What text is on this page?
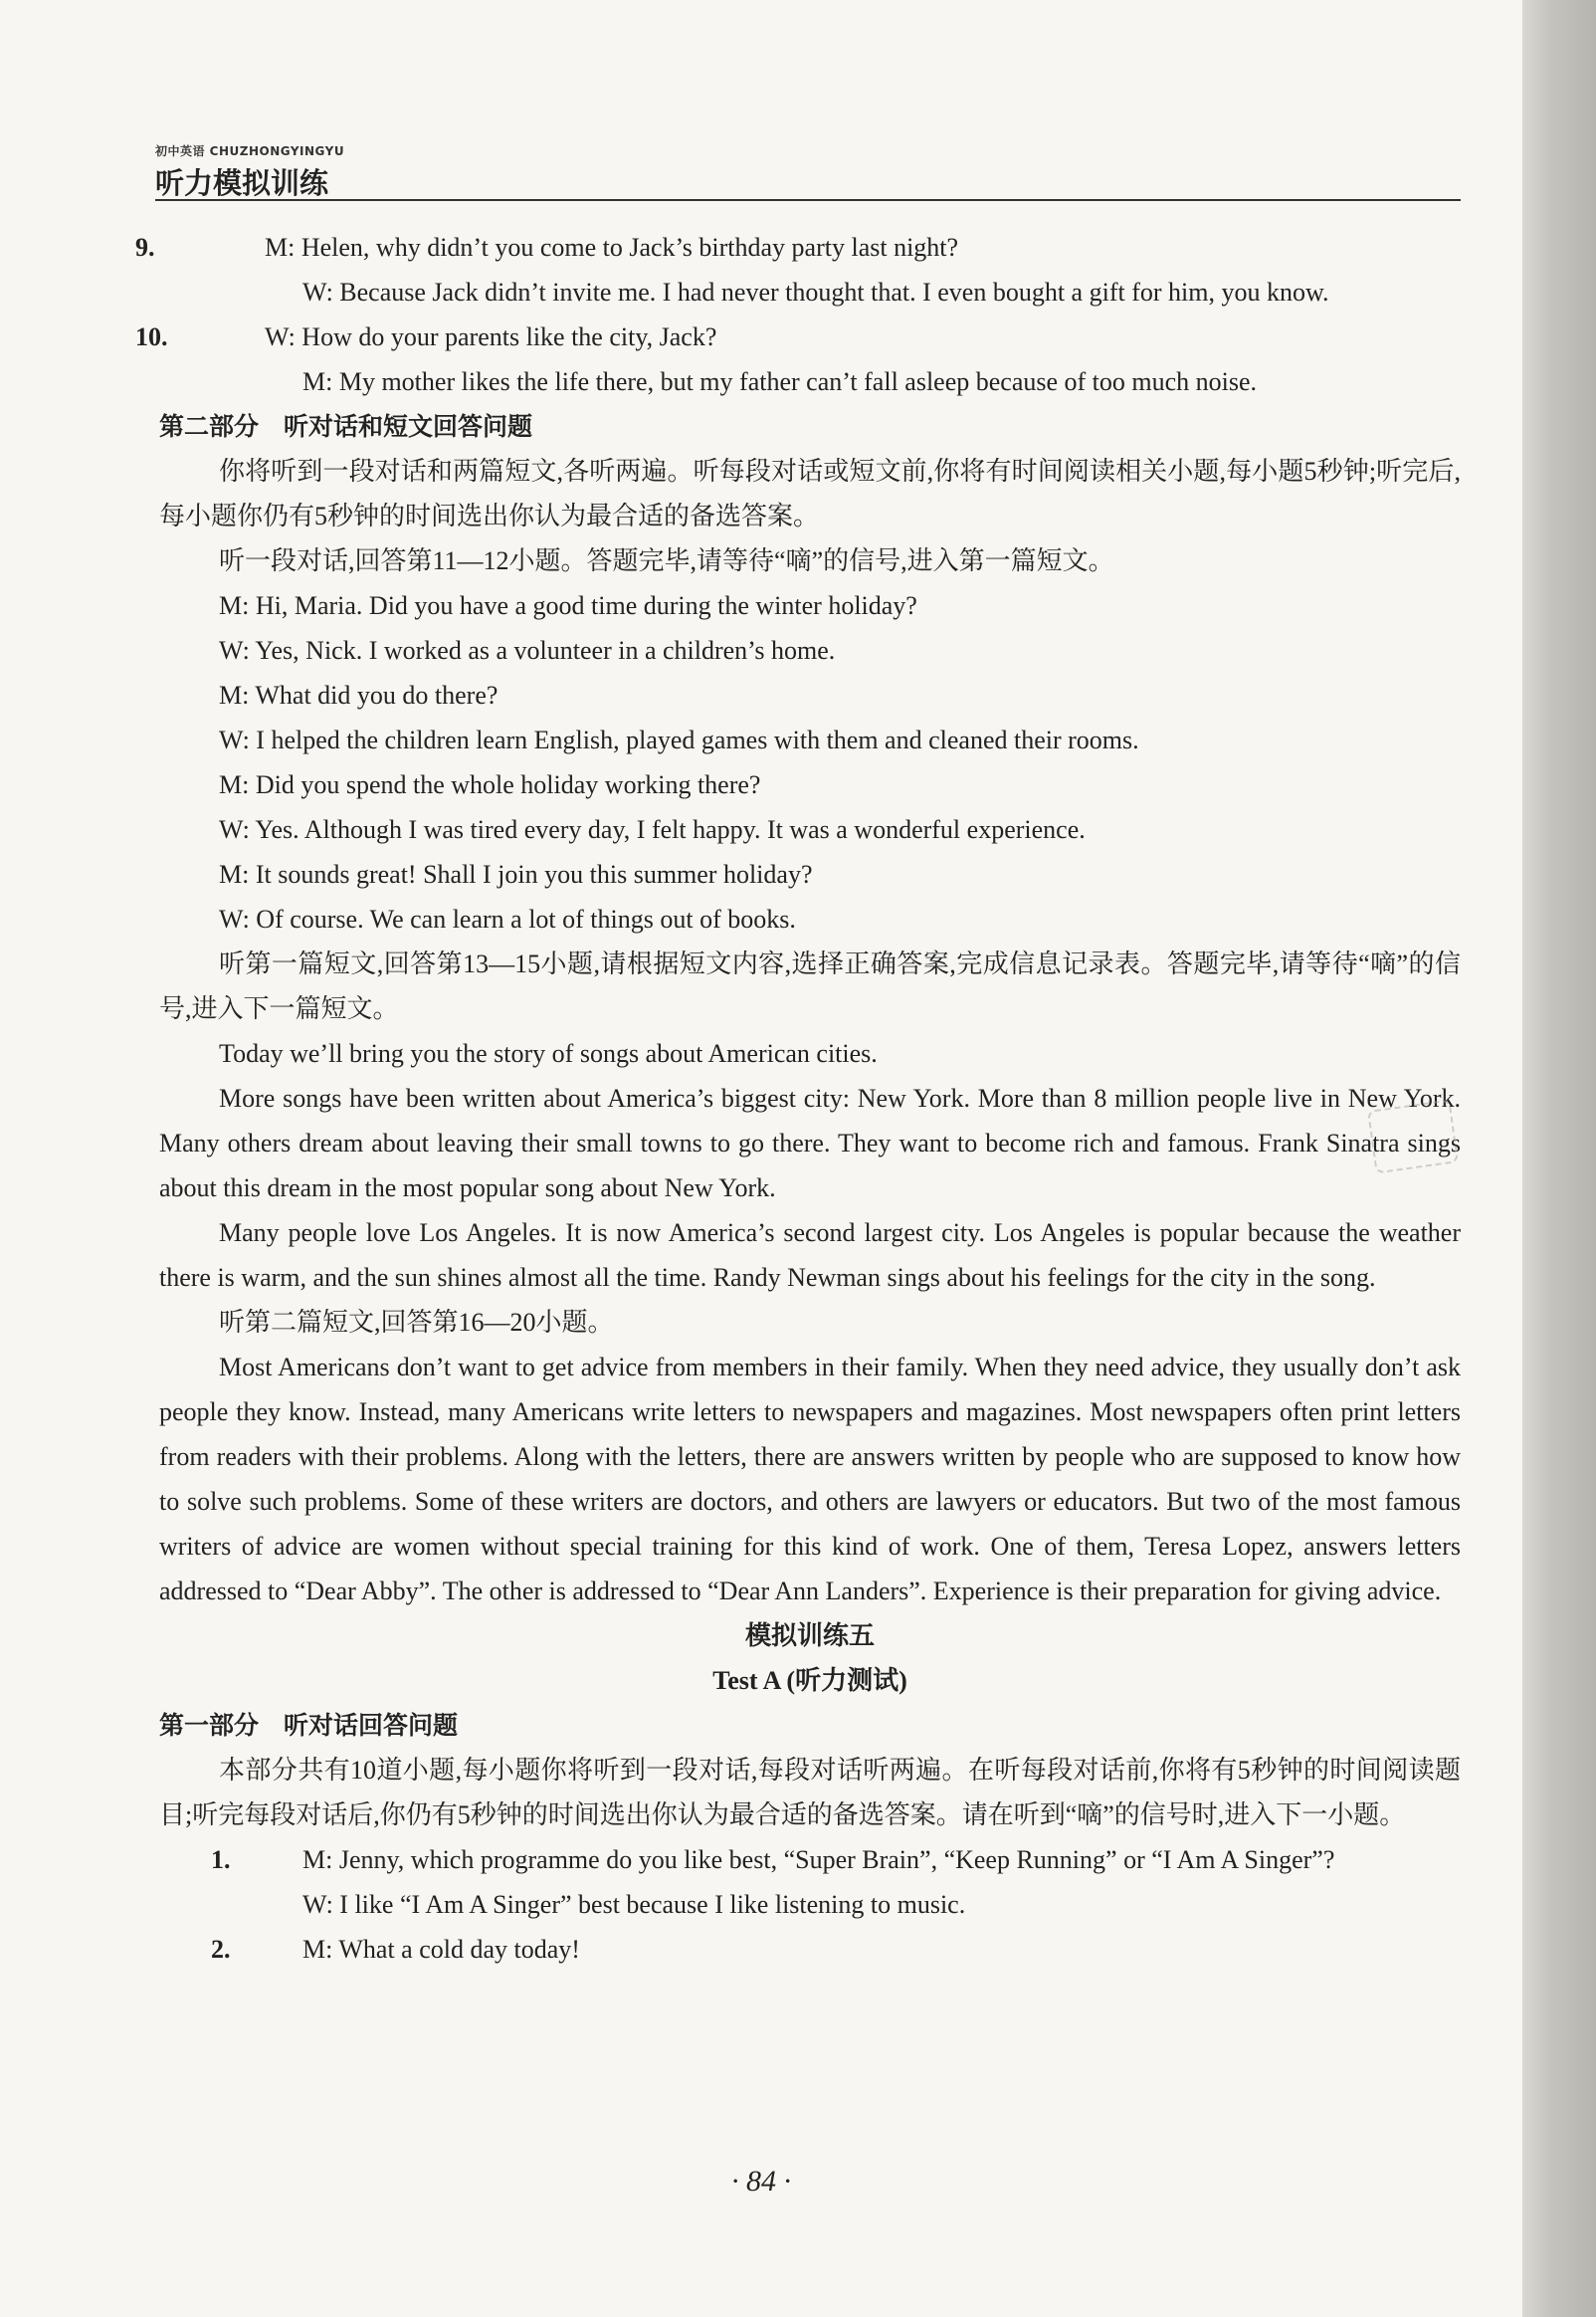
初中英语 CHUZHONGYINGYU
听力模拟训练

9.	M: Helen, why didn’t you come to Jack’s birthday party last night?

W: Because Jack didn’t invite me. I had never thought that. I even bought a gift for him, you know.

10.	W: How do your parents like the city, Jack?

M: My mother likes the life there, but my father can’t fall asleep because of too much noise.

第二部分　听对话和短文回答问题

你将听到一段对话和两篇短文,各听两遍。听每段对话或短文前,你将有时间阅读相关小题,每小题5秒钟;听完后,每小题你仍有5秒钟的时间选出你认为最合适的备选答案。

听一段对话,回答第11—12小题。答题完毕,请等待“嘀”的信号,进入第一篇短文。

M: Hi, Maria. Did you have a good time during the winter holiday?

W: Yes, Nick. I worked as a volunteer in a children’s home.

M: What did you do there?

W: I helped the children learn English, played games with them and cleaned their rooms.

M: Did you spend the whole holiday working there?

W: Yes. Although I was tired every day, I felt happy. It was a wonderful experience.

M: It sounds great! Shall I join you this summer holiday?

W: Of course. We can learn a lot of things out of books.

听第一篇短文,回答第13—15小题,请根据短文内容,选择正确答案,完成信息记录表。答题完毕,请等待“嘀”的信号,进入下一篇短文。

Today we’ll bring you the story of songs about American cities.

More songs have been written about America’s biggest city: New York. More than 8 million people live in New York. Many others dream about leaving their small towns to go there. They want to become rich and famous. Frank Sinatra sings about this dream in the most popular song about New York.

Many people love Los Angeles. It is now America’s second largest city. Los Angeles is popular because the weather there is warm, and the sun shines almost all the time. Randy Newman sings about his feelings for the city in the song.

听第二篇短文,回答第16—20小题。

Most Americans don’t want to get advice from members in their family. When they need advice, they usually don’t ask people they know. Instead, many Americans write letters to newspapers and magazines. Most newspapers often print letters from readers with their problems. Along with the letters, there are answers written by people who are supposed to know how to solve such problems. Some of these writers are doctors, and others are lawyers or educators. But two of the most famous writers of advice are women without special training for this kind of work. One of them, Teresa Lopez, answers letters addressed to “Dear Abby”. The other is addressed to “Dear Ann Landers”. Experience is their preparation for giving advice.

模拟训练五

Test A (听力测试)

第一部分　听对话回答问题

本部分共有10道小题,每小题你将听到一段对话,每段对话听两遍。在听每段对话前,你将有5秒钟的时间阅读题目;听完每段对话后,你仍有5秒钟的时间选出你认为最合适的备选答案。请在听到“嘀”的信号时,进入下一小题。

1.	M: Jenny, which programme do you like best, “Super Brain”, “Keep Running” or “I Am A Singer”?

W: I like “I Am A Singer” best because I like listening to music.

2.	M: What a cold day today!

· 84 ·
